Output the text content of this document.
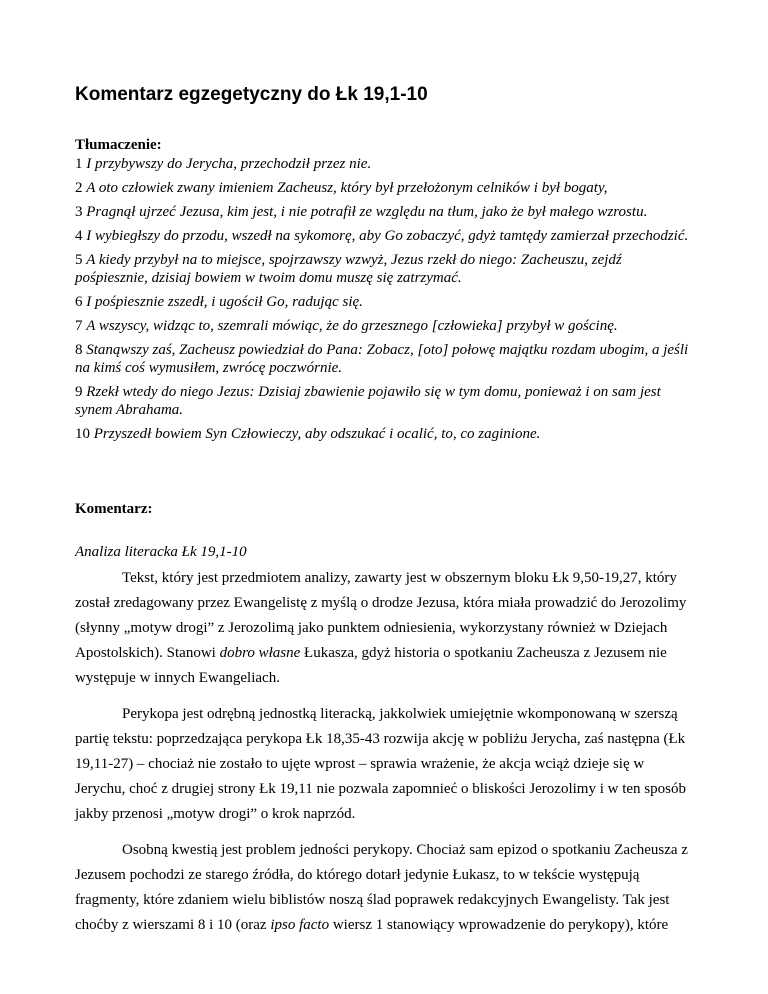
Komentarz egzegetyczny do Łk 19,1-10

Tłumaczenie:

1 I przybywszy do Jerycha, przechodził przez nie.
2 A oto człowiek zwany imieniem Zacheusz, który był przełożonym celników i był bogaty,
3 Pragnął ujrzeć Jezusa, kim jest, i nie potrafił ze względu na tłum, jako że był małego wzrostu.
4 I wybiegłszy do przodu, wszedł na sykomorę, aby Go zobaczyć, gdyż tamtędy zamierzał przechodzić.
5 A kiedy przybył na to miejsce, spojrzawszy wzwyż, Jezus rzekł do niego: Zacheuszu, zejdź pośpiesznie, dzisiaj bowiem w twoim domu muszę się zatrzymać.
6 I pośpiesznie zszedł, i ugościł Go, radując się.
7 A wszyscy, widząc to, szemrali mówiąc, że do grzesznego [człowieka] przybył w gościnę.
8 Stanąwszy zaś, Zacheusz powiedział do Pana: Zobacz, [oto] połowę majątku rozdam ubogim, a jeśli na kimś coś wymusiłem, zwrócę poczwórnie.
9 Rzekł wtedy do niego Jezus: Dzisiaj zbawienie pojawiło się w tym domu, ponieważ i on sam jest synem Abrahama.
10 Przyszedł bowiem Syn Człowieczy, aby odszukać i ocalić, to, co zaginione.

Komentarz:

Analiza literacka Łk 19,1-10

Tekst, który jest przedmiotem analizy, zawarty jest w obszernym bloku Łk 9,50-19,27, który został zredagowany przez Ewangelistę z myślą o drodze Jezusa, która miała prowadzić do Jerozolimy (słynny „motyw drogi” z Jerozolimą jako punktem odniesienia, wykorzystany również w Dziejach Apostolskich). Stanowi dobro własne Łukasza, gdyż historia o spotkaniu Zacheusza z Jezusem nie występuje w innych Ewangeliach.

Perykopa jest odrębną jednostką literacką, jakkolwiek umiejętnie wkomponowaną w szerszą partię tekstu: poprzedzająca perykopa Łk 18,35-43 rozwija akcję w pobliżu Jerycha, zaś następna (Łk 19,11-27) – chociaż nie zostało to ujęte wprost – sprawia wrażenie, że akcja wciąż dzieje się w Jerychu, choć z drugiej strony Łk 19,11 nie pozwala zapomnieć o bliskości Jerozolimy i w ten sposób jakby przenosi „motyw drogi” o krok naprzód.

Osobną kwestią jest problem jedności perykopy. Chociaż sam epizod o spotkaniu Zacheusza z Jezusem pochodzi ze starego źródła, do którego dotarł jedynie Łukasz, to w tekście występują fragmenty, które zdaniem wielu biblistów noszą ślad poprawek redakcyjnych Ewangelisty. Tak jest choćby z wierszami 8 i 10 (oraz ipso facto wiersz 1 stanowiący wprowadzenie do perykopy), które
